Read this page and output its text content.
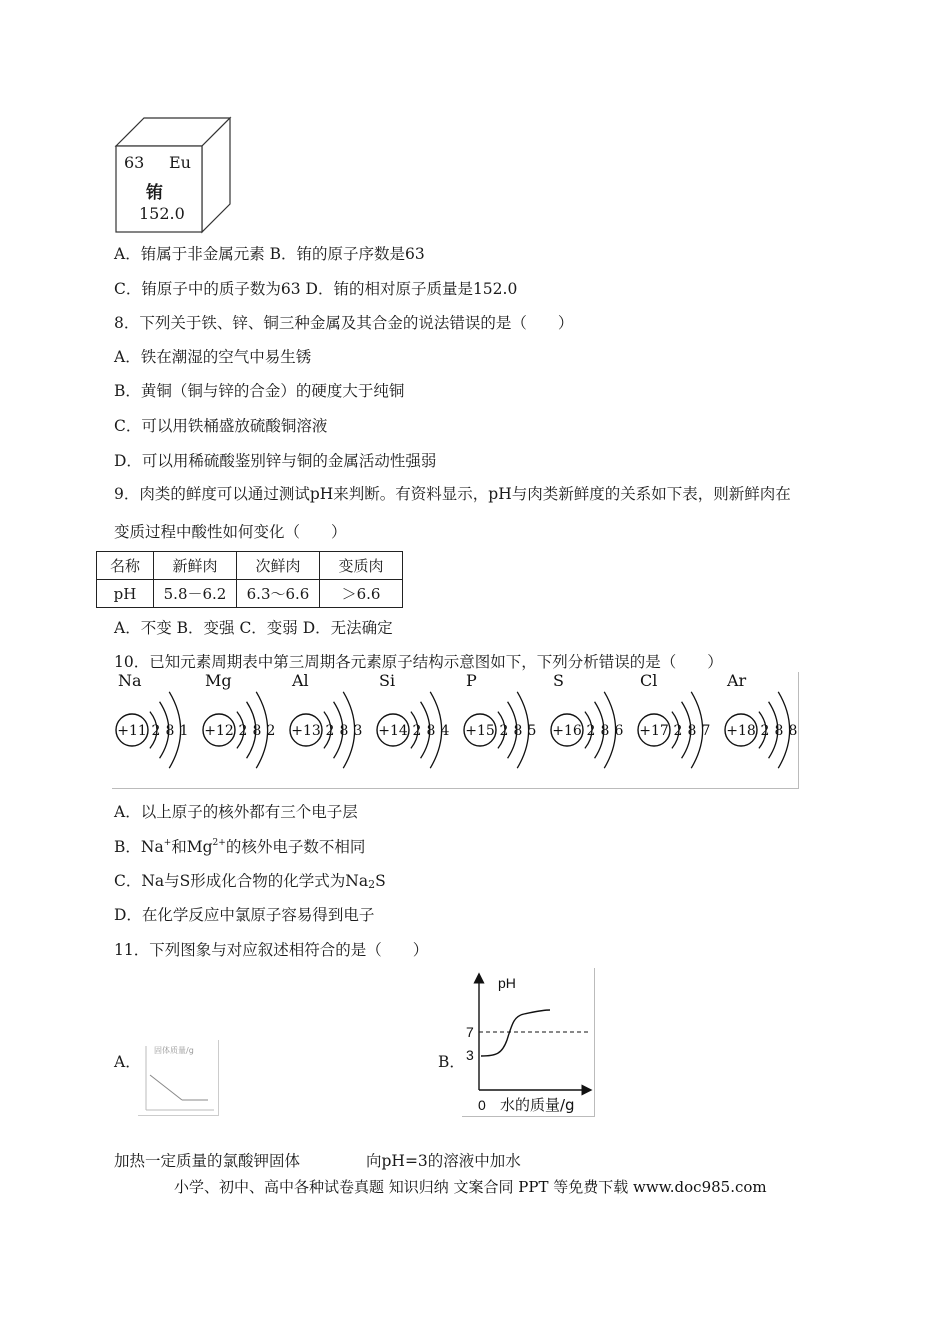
63 Eu
铕
152.0
A．铕属于非金属元素 B．铕的原子序数是63
C．铕原子中的质子数为63 D．铕的相对原子质量是152.0
8．下列关于铁、锌、铜三种金属及其合金的说法错误的是（　　）
A．铁在潮湿的空气中易生锈
B．黄铜（铜与锌的合金）的硬度大于纯铜
C．可以用铁桶盛放硫酸铜溶液
D．可以用稀硫酸鉴别锌与铜的金属活动性强弱
9．肉类的鲜度可以通过测试pH来判断。有资料显示，pH与肉类新鲜度的关系如下表，则新鲜肉在
变质过程中酸性如何变化（　　）
名称	新鲜肉	次鲜肉	变质肉
pH	5.8－6.2	6.3～6.6	＞6.6
A．不变 B．变强 C．变弱 D．无法确定
10．已知元素周期表中第三周期各元素原子结构示意图如下，下列分析错误的是（　　）
Na
+11 2 8 1
Mg
+12 2 8 2
Al
+13 2 8 3
Si
+14 2 8 4
P
+15 2 8 5
S
+16 2 8 6
Cl
+17 2 8 7
Ar
+18 2 8 8
A．以上原子的核外都有三个电子层
B．Na+和$Mg^{2+}$的核外电子数不相同
C．Na与S形成化合物的化学式为$Na_2S$
D．在化学反应中氯原子容易得到电子
11．下列图象与对应叙述相符合的是（　　）
A．
固体质量/g
B．
pH
7
3
0 水的质量/g
加热一定质量的氯酸钾固体	向pH=3的溶液中加水
小学、初中、高中各种试卷真题 知识归纳 文案合同 PPT 等免费下载 www.doc985.com
